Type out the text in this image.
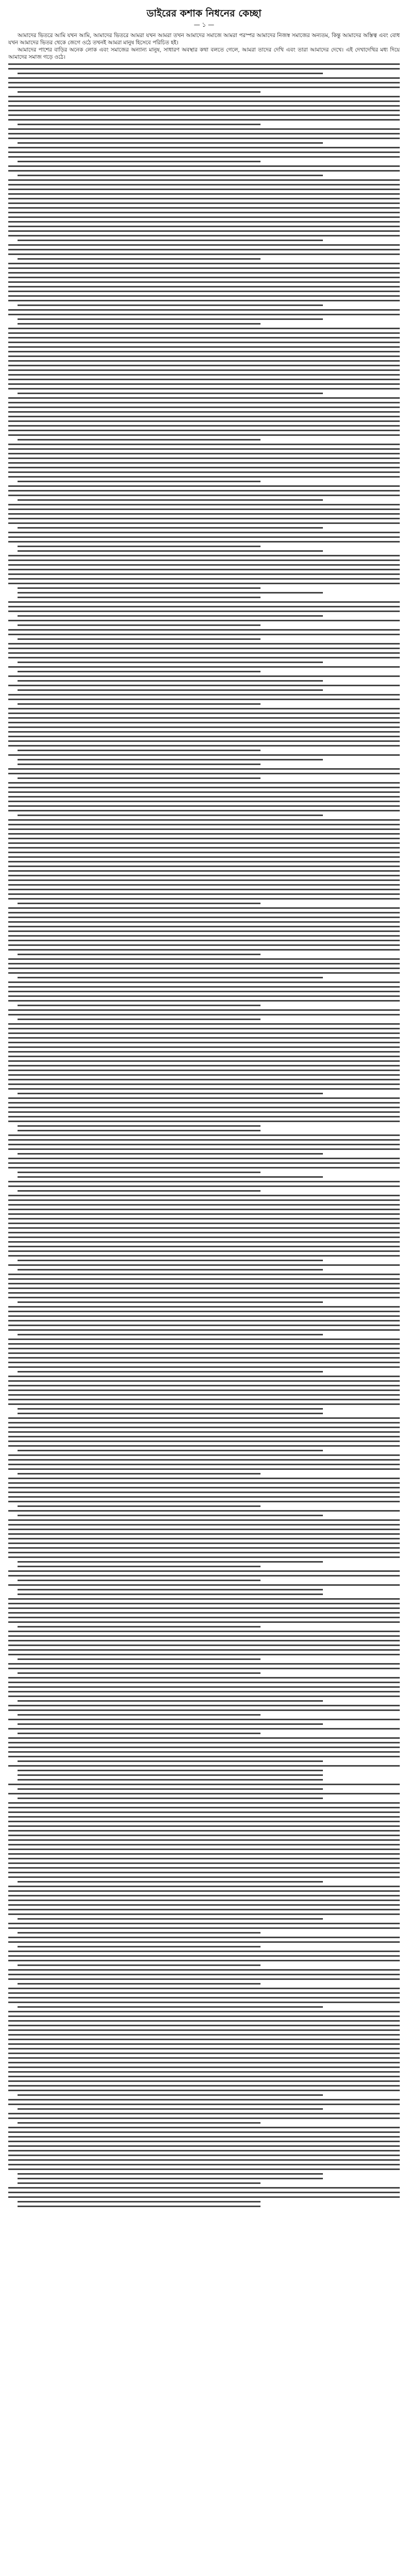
ডাইরের কশাক নিধনের কেচ্ছা
— ১ —

আমাদের ভিতরে আমি যখন আমি, আমাদের ভিতরে আমরা যখন আমরা তখন আমাদের সমাজে আমরা পরস্পর আমাদের নিজস্ব সমাজের অন্যতম, কিন্তু আমাদের অস্তিত্ব এবং বোধ যখন আমাদের ভিতর থেকে জেগে ওঠে তখনই আমরা মানুষ হিসেবে পরিচিত হই।

আমাদের পাশের বাড়ির অনেক লোক এবং সমাজের অন্যান্য মানুষ, সাধারণ অবস্থার কথা বলতে গেলে, আমরা তাদের দেখি এবং তারা আমাদের দেখে। এই দেখাদেখির মধ্য দিয়ে আমাদের সমাজ গড়ে ওঠে।
